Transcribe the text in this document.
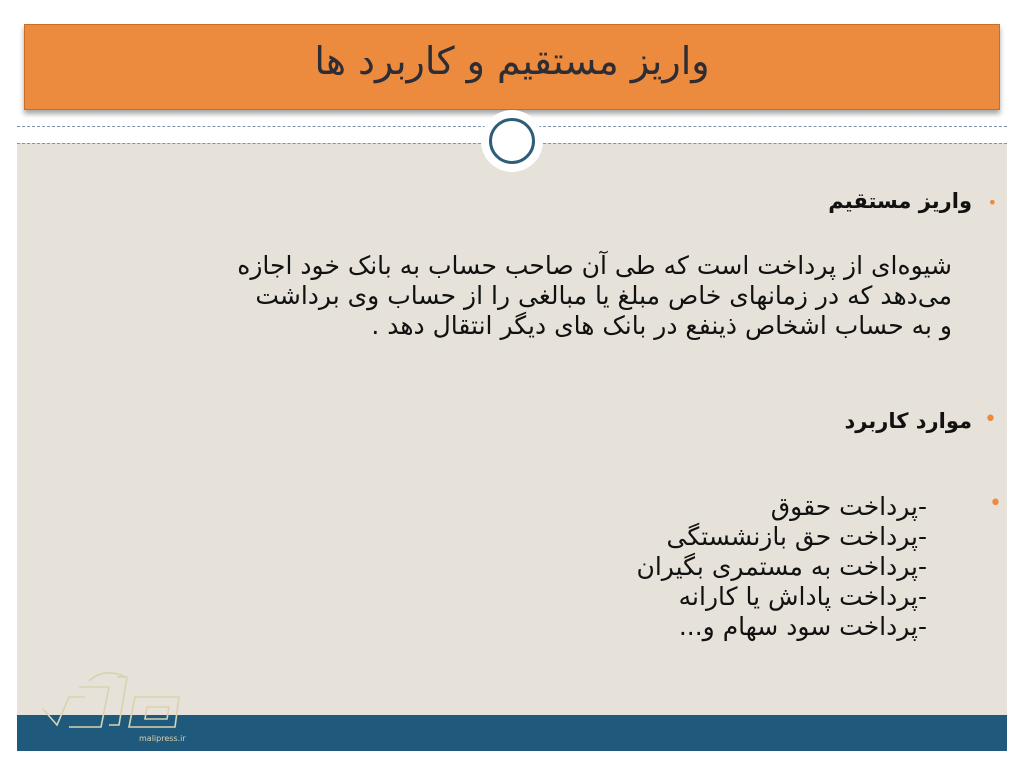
واریز مستقیم و کاربرد ها
•
واریز مستقیم
شیوه‌ای از پرداخت است که طی آن صاحب حساب به بانک خود اجازه
می‌دهد که در زمانهای خاص مبلغ یا مبالغی را از حساب وی برداشت
و به حساب اشخاص ذینفع در بانک های دیگر انتقال دهد .
•
موارد کاربرد
•
-پرداخت حقوق
-پرداخت حق بازنشستگی
-پرداخت به مستمری بگیران
-پرداخت پاداش یا کارانه
-پرداخت سود سهام و...
malipress.ir
